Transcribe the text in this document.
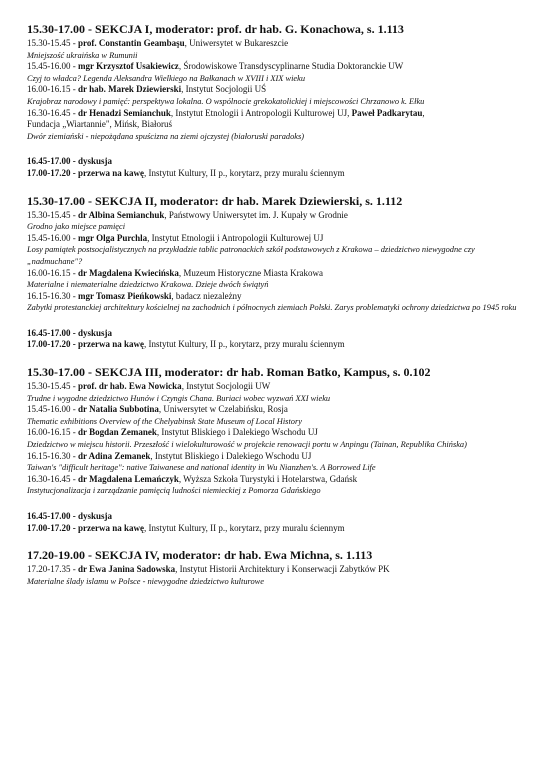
15.30-17.00 - SEKCJA I, moderator: prof. dr hab. G. Konachowa, s. 1.113
15.30-15.45 - prof. Constantin Geambaşu, Uniwersytet w Bukareszcie
Mniejszość ukraińska w Rumunii
15.45-16.00 - mgr Krzysztof Usakiewicz, Środowiskowe Transdyscyplinarne Studia Doktoranckie UW
Czyj to władca? Legenda Aleksandra Wielkiego na Bałkanach w XVIII i XIX wieku
16.00-16.15 - dr hab. Marek Dziewierski, Instytut Socjologii UŚ
Krajobraz narodowy i pamięć: perspektywa lokalna. O wspólnocie grekokatolickiej i miejscowości Chrzanowo k. Ełku
16.30-16.45 - dr Henadzi Semianchuk, Instytut Etnologii i Antropologii Kulturowej UJ, Paweł Padkarytau,
Fundacja „Wiartannie", Mińsk, Białoruś
Dwór ziemiański - niepożądana spuścizna na ziemi ojczystej (białoruski paradoks)
16.45-17.00 - dyskusja
17.00-17.20 - przerwa na kawę, Instytut Kultury, II p., korytarz, przy muralu ściennym
15.30-17.00 - SEKCJA II, moderator: dr hab. Marek Dziewierski, s. 1.112
15.30-15.45 - dr Albina Semianchuk, Państwowy Uniwersytet im. J. Kupały w Grodnie
Grodno jako miejsce pamięci
15.45-16.00 - mgr Olga Purchla, Instytut Etnologii i Antropologii Kulturowej UJ
Losy pamiątek postsocjalistycznych na przykładzie tablic patronackich szkół podstawowych z Krakowa – dziedzictwo niewygodne czy „nadmuchane"?
16.00-16.15 - dr Magdalena Kwiecińska, Muzeum Historyczne Miasta Krakowa
Materialne i niematerialne dziedzictwo Krakowa. Dzieje dwóch świątyń
16.15-16.30 - mgr Tomasz Pieńkowski, badacz niezależny
Zabytki protestanckiej architektury kościelnej na zachodnich i północnych ziemiach Polski. Zarys problematyki ochrony dziedzictwa po 1945 roku
16.45-17.00 - dyskusja
17.00-17.20 - przerwa na kawę, Instytut Kultury, II p., korytarz, przy muralu ściennym
15.30-17.00 - SEKCJA III, moderator: dr hab. Roman Batko, Kampus, s. 0.102
15.30-15.45 - prof. dr hab. Ewa Nowicka, Instytut Socjologii UW
Trudne i wygodne dziedzictwo Hunów i Czyngis Chana. Buriaci wobec wyzwań XXI wieku
15.45-16.00 - dr Natalia Subbotina, Uniwersytet w Czelabińsku, Rosja
Thematic exhibitions Overview of the Chelyabinsk State Museum of Local History
16.00-16.15 - dr Bogdan Zemanek, Instytut Bliskiego i Dalekiego Wschodu UJ
Dziedzictwo w miejscu historii. Przeszłość i wielokulturowość w projekcie renowacji portu w Anpingu (Tainan, Republika Chińska)
16.15-16.30 - dr Adina Zemanek, Instytut Bliskiego i Dalekiego Wschodu UJ
Taiwan's "difficult heritage": native Taiwanese and national identity in Wu Nianzhen's. A Borrowed Life
16.30-16.45 - dr Magdalena Lemańczyk, Wyższa Szkoła Turystyki i Hotelarstwa, Gdańsk
Instytucjonalizacja i zarządzanie pamięcią ludności niemieckiej z Pomorza Gdańskiego
16.45-17.00 - dyskusja
17.00-17.20 - przerwa na kawę, Instytut Kultury, II p., korytarz, przy muralu ściennym
17.20-19.00 - SEKCJA IV, moderator: dr hab. Ewa Michna, s. 1.113
17.20-17.35 - dr Ewa Janina Sadowska, Instytut Historii Architektury i Konserwacji Zabytków PK
Materialne ślady islamu w Polsce - niewygodne dziedzictwo kulturowe
